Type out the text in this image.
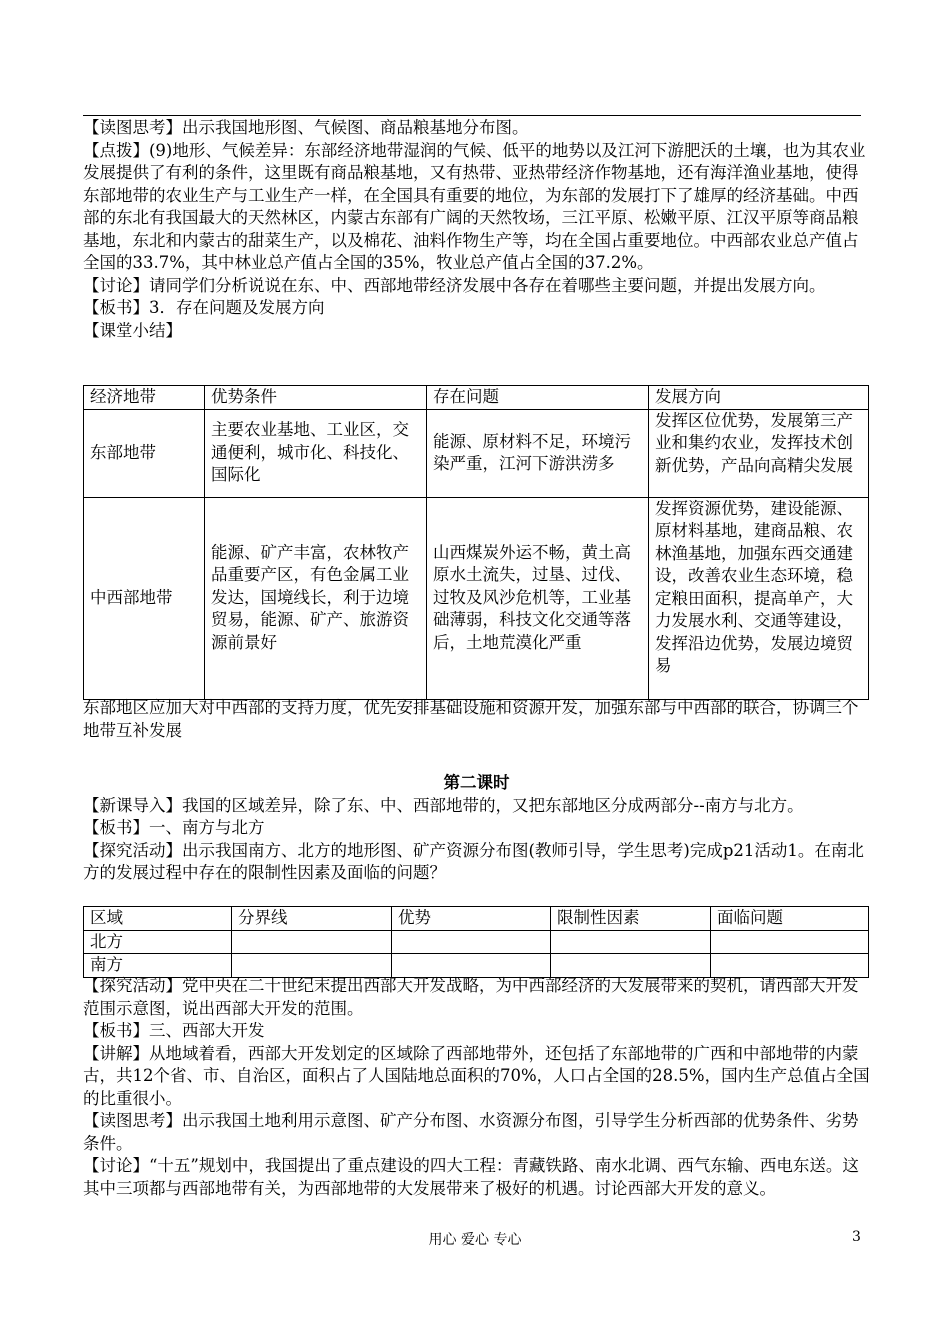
【读图思考】出示我国地形图、气候图、商品粮基地分布图。

【点拨】(9)地形、气候差异：东部经济地带湿润的气候、低平的地势以及江河下游肥沃的土壤，也为其农业发展提供了有利的条件，这里既有商品粮基地，又有热带、亚热带经济作物基地，还有海洋渔业基地，使得东部地带的农业生产与工业生产一样，在全国具有重要的地位，为东部的发展打下了雄厚的经济基础。中西部的东北有我国最大的天然林区，内蒙古东部有广阔的天然牧场，三江平原、松嫩平原、江汉平原等商品粮基地，东北和内蒙古的甜菜生产，以及棉花、油料作物生产等，均在全国占重要地位。中西部农业总产值占全国的33.7%，其中林业总产值占全国的35%，牧业总产值占全国的37.2%。

【讨论】请同学们分析说说在东、中、西部地带经济发展中各存在着哪些主要问题，并提出发展方向。

【板书】3．存在问题及发展方向

【课堂小结】

经济地带	优势条件	存在问题	发展方向
东部地带	主要农业基地、工业区，交通便利，城市化、科技化、国际化	能源、原材料不足，环境污染严重，江河下游洪涝多	发挥区位优势，发展第三产业和集约农业，发挥技术创新优势，产品向高精尖发展
中西部地带	能源、矿产丰富，农林牧产品重要产区，有色金属工业发达，国境线长，利于边境贸易，能源、矿产、旅游资源前景好	山西煤炭外运不畅，黄土高原水土流失，过垦、过伐、过牧及风沙危机等，工业基础薄弱，科技文化交通等落后，土地荒漠化严重	发挥资源优势，建设能源、原材料基地，建商品粮、农林渔基地，加强东西交通建设，改善农业生态环境，稳定粮田面积，提高单产，大力发展水利、交通等建设，发挥沿边优势，发展边境贸易

东部地区应加大对中西部的支持力度，优先安排基础设施和资源开发，加强东部与中西部的联合，协调三个地带互补发展

第二课时

【新课导入】我国的区域差异，除了东、中、西部地带的，又把东部地区分成两部分--南方与北方。

【板书】一、南方与北方

【探究活动】出示我国南方、北方的地形图、矿产资源分布图(教师引导，学生思考)完成p21活动1。在南北方的发展过程中存在的限制性因素及面临的问题？

区域	分界线	优势	限制性因素	面临问题
北方				
南方				

【探究活动】党中央在二十世纪末提出西部大开发战略，为中西部经济的大发展带来的契机，请西部大开发范围示意图，说出西部大开发的范围。

【板书】三、西部大开发

【讲解】从地域着看，西部大开发划定的区域除了西部地带外，还包括了东部地带的广西和中部地带的内蒙古，共12个省、市、自治区，面积占了人国陆地总面积的70%，人口占全国的28.5%，国内生产总值占全国的比重很小。

【读图思考】出示我国土地利用示意图、矿产分布图、水资源分布图，引导学生分析西部的优势条件、劣势条件。

【讨论】“十五”规划中，我国提出了重点建设的四大工程：青藏铁路、南水北调、西气东输、西电东送。这其中三项都与西部地带有关，为西部地带的大发展带来了极好的机遇。讨论西部大开发的意义。

用心 爱心 专心	3
